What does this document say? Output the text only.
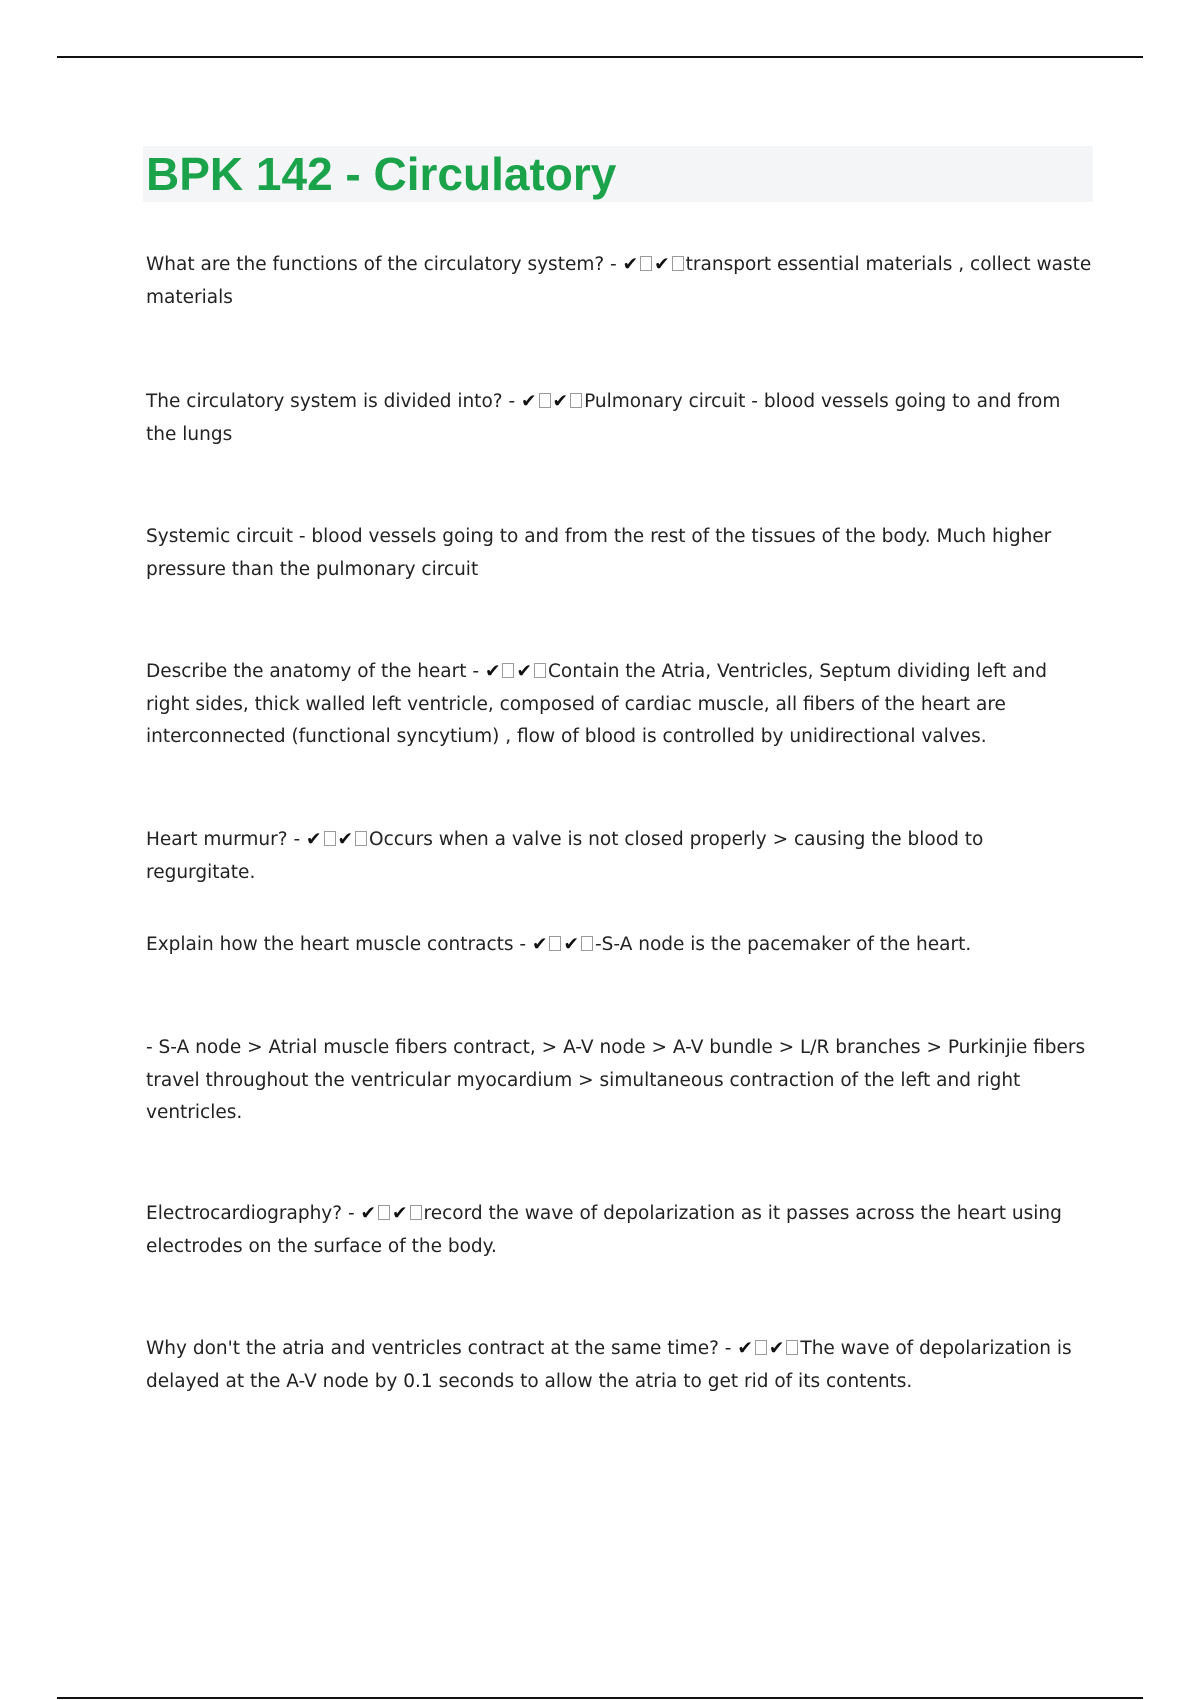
BPK 142 - Circulatory

What are the functions of the circulatory system? - ✔ ✔ transport essential materials , collect waste materials

The circulatory system is divided into? - ✔ ✔ Pulmonary circuit - blood vessels going to and from the lungs

Systemic circuit - blood vessels going to and from the rest of the tissues of the body. Much higher pressure than the pulmonary circuit

Describe the anatomy of the heart - ✔ ✔ Contain the Atria, Ventricles, Septum dividing left and right sides, thick walled left ventricle, composed of cardiac muscle, all fibers of the heart are interconnected (functional syncytium) , flow of blood is controlled by unidirectional valves.

Heart murmur? - ✔ ✔ Occurs when a valve is not closed properly > causing the blood to regurgitate.

Explain how the heart muscle contracts - ✔ ✔ -S-A node is the pacemaker of the heart.

- S-A node > Atrial muscle fibers contract, > A-V node > A-V bundle > L/R branches > Purkinjie fibers travel throughout the ventricular myocardium > simultaneous contraction of the left and right ventricles.

Electrocardiography? - ✔ ✔ record the wave of depolarization as it passes across the heart using electrodes on the surface of the body.

Why don't the atria and ventricles contract at the same time? - ✔ ✔ The wave of depolarization is delayed at the A-V node by 0.1 seconds to allow the atria to get rid of its contents.
